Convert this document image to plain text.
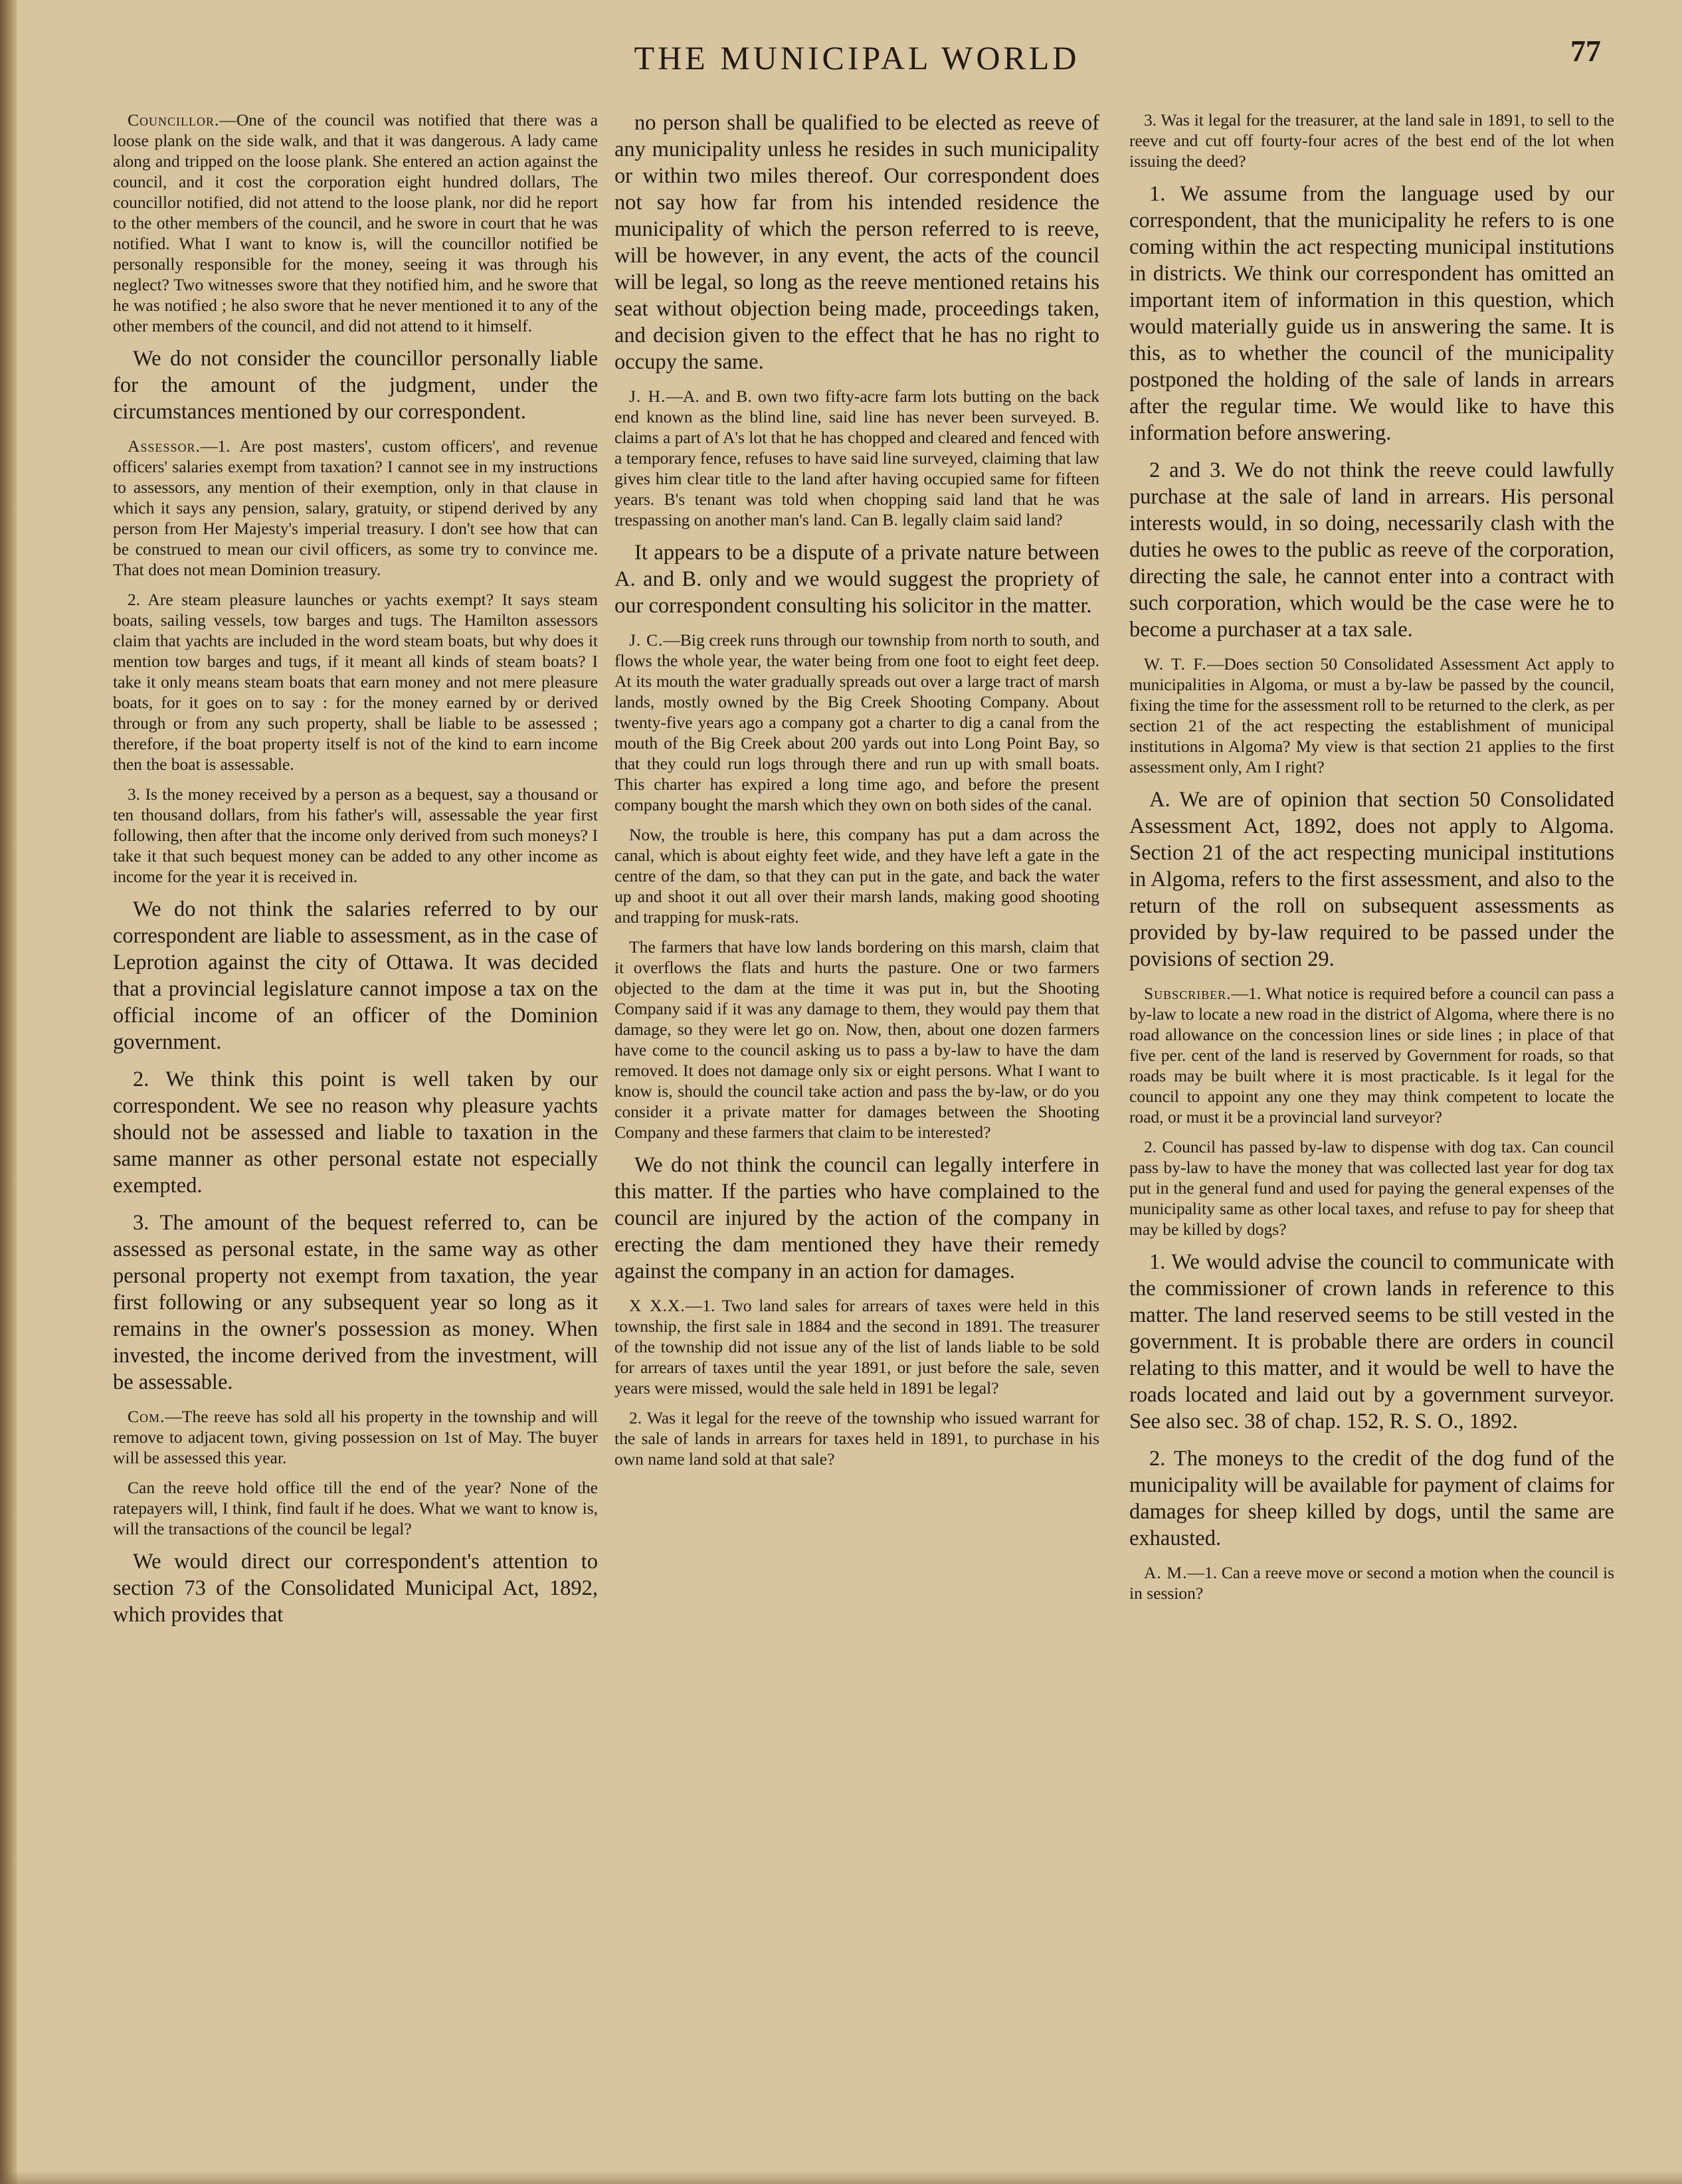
THE MUNICIPAL WORLD	77

Councillor.—One of the council was notified that there was a loose plank on the side walk, and that it was dangerous. A lady came along and tripped on the loose plank. She entered an action against the council, and it cost the corporation eight hundred dollars, The councillor notified, did not attend to the loose plank, nor did he report to the other members of the council, and he swore in court that he was notified. What I want to know is, will the councillor notified be personally responsible for the money, seeing it was through his neglect? Two witnesses swore that they notified him, and he swore that he was notified ; he also swore that he never mentioned it to any of the other members of the council, and did not attend to it himself.

We do not consider the councillor personally liable for the amount of the judgment, under the circumstances mentioned by our correspondent.

Assessor.—1. Are post masters', custom officers', and revenue officers' salaries exempt from taxation? I cannot see in my instructions to assessors, any mention of their exemption, only in that clause in which it says any pension, salary, gratuity, or stipend derived by any person from Her Majesty's imperial treasury. I don't see how that can be construed to mean our civil officers, as some try to convince me. That does not mean Dominion treasury.

2. Are steam pleasure launches or yachts exempt? It says steam boats, sailing vessels, tow barges and tugs. The Hamilton assessors claim that yachts are included in the word steam boats, but why does it mention tow barges and tugs, if it meant all kinds of steam boats? I take it only means steam boats that earn money and not mere pleasure boats, for it goes on to say : for the money earned by or derived through or from any such property, shall be liable to be assessed ; therefore, if the boat property itself is not of the kind to earn income then the boat is assessable.

3. Is the money received by a person as a bequest, say a thousand or ten thousand dollars, from his father's will, assessable the year first following, then after that the income only derived from such moneys? I take it that such bequest money can be added to any other income as income for the year it is received in.

We do not think the salaries referred to by our correspondent are liable to assessment, as in the case of Leprotion against the city of Ottawa. It was decided that a provincial legislature cannot impose a tax on the official income of an officer of the Dominion government.

2. We think this point is well taken by our correspondent. We see no reason why pleasure yachts should not be assessed and liable to taxation in the same manner as other personal estate not especially exempted.

3. The amount of the bequest referred to, can be assessed as personal estate, in the same way as other personal property not exempt from taxation, the year first following or any subsequent year so long as it remains in the owner's possession as money. When invested, the income derived from the investment, will be assessable.

Com.—The reeve has sold all his property in the township and will remove to adjacent town, giving possession on 1st of May. The buyer will be assessed this year.

Can the reeve hold office till the end of the year? None of the ratepayers will, I think, find fault if he does. What we want to know is, will the transactions of the council be legal?

We would direct our correspondent's attention to section 73 of the Consolidated Municipal Act, 1892, which provides that

no person shall be qualified to be elected as reeve of any municipality unless he resides in such municipality or within two miles thereof. Our correspondent does not say how far from his intended residence the municipality of which the person referred to is reeve, will be however, in any event, the acts of the council will be legal, so long as the reeve mentioned retains his seat without objection being made, proceedings taken, and decision given to the effect that he has no right to occupy the same.

J. H.—A. and B. own two fifty-acre farm lots butting on the back end known as the blind line, said line has never been surveyed. B. claims a part of A's lot that he has chopped and cleared and fenced with a temporary fence, refuses to have said line surveyed, claiming that law gives him clear title to the land after having occupied same for fifteen years. B's tenant was told when chopping said land that he was trespassing on another man's land. Can B. legally claim said land?

It appears to be a dispute of a private nature between A. and B. only and we would suggest the propriety of our correspondent consulting his solicitor in the matter.

J. C.—Big creek runs through our township from north to south, and flows the whole year, the water being from one foot to eight feet deep. At its mouth the water gradually spreads out over a large tract of marsh lands, mostly owned by the Big Creek Shooting Company. About twenty-five years ago a company got a charter to dig a canal from the mouth of the Big Creek about 200 yards out into Long Point Bay, so that they could run logs through there and run up with small boats. This charter has expired a long time ago, and before the present company bought the marsh which they own on both sides of the canal.

Now, the trouble is here, this company has put a dam across the canal, which is about eighty feet wide, and they have left a gate in the centre of the dam, so that they can put in the gate, and back the water up and shoot it out all over their marsh lands, making good shooting and trapping for musk-rats.

The farmers that have low lands bordering on this marsh, claim that it overflows the flats and hurts the pasture. One or two farmers objected to the dam at the time it was put in, but the Shooting Company said if it was any damage to them, they would pay them that damage, so they were let go on. Now, then, about one dozen farmers have come to the council asking us to pass a by-law to have the dam removed. It does not damage only six or eight persons. What I want to know is, should the council take action and pass the by-law, or do you consider it a private matter for damages between the Shooting Company and these farmers that claim to be interested?

We do not think the council can legally interfere in this matter. If the parties who have complained to the council are injured by the action of the company in erecting the dam mentioned they have their remedy against the company in an action for damages.

X X.X.—1. Two land sales for arrears of taxes were held in this township, the first sale in 1884 and the second in 1891. The treasurer of the township did not issue any of the list of lands liable to be sold for arrears of taxes until the year 1891, or just before the sale, seven years were missed, would the sale held in 1891 be legal?

2. Was it legal for the reeve of the township who issued warrant for the sale of lands in arrears for taxes held in 1891, to purchase in his own name land sold at that sale?

3. Was it legal for the treasurer, at the land sale in 1891, to sell to the reeve and cut off fourty-four acres of the best end of the lot when issuing the deed?

1. We assume from the language used by our correspondent, that the municipality he refers to is one coming within the act respecting municipal institutions in districts. We think our correspondent has omitted an important item of information in this question, which would materially guide us in answering the same. It is this, as to whether the council of the municipality postponed the holding of the sale of lands in arrears after the regular time. We would like to have this information before answering.

2 and 3. We do not think the reeve could lawfully purchase at the sale of land in arrears. His personal interests would, in so doing, necessarily clash with the duties he owes to the public as reeve of the corporation, directing the sale, he cannot enter into a contract with such corporation, which would be the case were he to become a purchaser at a tax sale.

W. T. F.—Does section 50 Consolidated Assessment Act apply to municipalities in Algoma, or must a by-law be passed by the council, fixing the time for the assessment roll to be returned to the clerk, as per section 21 of the act respecting the establishment of municipal institutions in Algoma? My view is that section 21 applies to the first assessment only, Am I right?

A. We are of opinion that section 50 Consolidated Assessment Act, 1892, does not apply to Algoma. Section 21 of the act respecting municipal institutions in Algoma, refers to the first assessment, and also to the return of the roll on subsequent assessments as provided by by-law required to be passed under the povisions of section 29.

Subscriber.—1. What notice is required before a council can pass a by-law to locate a new road in the district of Algoma, where there is no road allowance on the concession lines or side lines ; in place of that five per. cent of the land is reserved by Government for roads, so that roads may be built where it is most practicable. Is it legal for the council to appoint any one they may think competent to locate the road, or must it be a provincial land surveyor?

2. Council has passed by-law to dispense with dog tax. Can council pass by-law to have the money that was collected last year for dog tax put in the general fund and used for paying the general expenses of the municipality same as other local taxes, and refuse to pay for sheep that may be killed by dogs?

1. We would advise the council to communicate with the commissioner of crown lands in reference to this matter. The land reserved seems to be still vested in the government. It is probable there are orders in council relating to this matter, and it would be well to have the roads located and laid out by a government surveyor. See also sec. 38 of chap. 152, R. S. O., 1892.

2. The moneys to the credit of the dog fund of the municipality will be available for payment of claims for damages for sheep killed by dogs, until the same are exhausted.

A. M.—1. Can a reeve move or second a motion when the council is in session?
